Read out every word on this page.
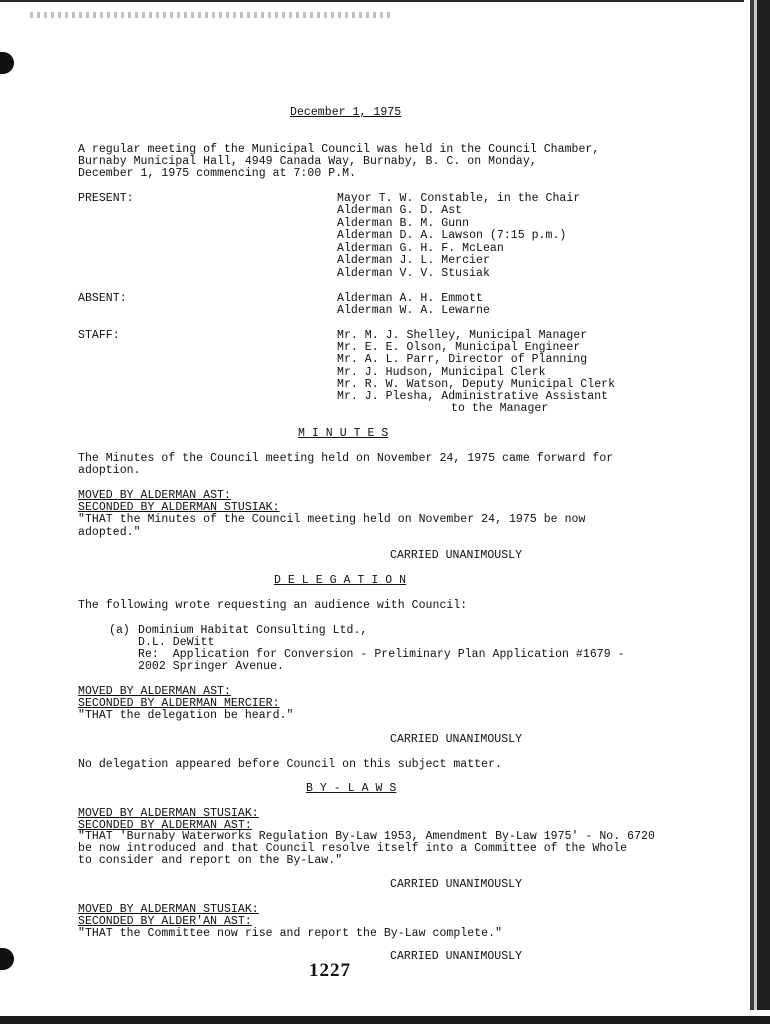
December 1, 1975
A regular meeting of the Municipal Council was held in the Council Chamber,
Burnaby Municipal Hall, 4949 Canada Way, Burnaby, B. C. on Monday,
December 1, 1975 commencing at 7:00 P.M.
PRESENT:	Mayor T. W. Constable, in the Chair
Alderman G. D. Ast
Alderman B. M. Gunn
Alderman D. A. Lawson (7:15 p.m.)
Alderman G. H. F. McLean
Alderman J. L. Mercier
Alderman V. V. Stusiak
ABSENT:	Alderman A. H. Emmott
Alderman W. A. Lewarne
STAFF:	Mr. M. J. Shelley, Municipal Manager
Mr. E. E. Olson, Municipal Engineer
Mr. A. L. Parr, Director of Planning
Mr. J. Hudson, Municipal Clerk
Mr. R. W. Watson, Deputy Municipal Clerk
Mr. J. Plesha, Administrative Assistant
to the Manager
M I N U T E S
The Minutes of the Council meeting held on November 24, 1975 came forward for
adoption.
MOVED BY ALDERMAN AST:
SECONDED BY ALDERMAN STUSIAK:
"THAT the Minutes of the Council meeting held on November 24, 1975 be now
adopted."
CARRIED UNANIMOUSLY
D E L E G A T I O N
The following wrote requesting an audience with Council:
(a) Dominium Habitat Consulting Ltd.,
D.L. DeWitt
Re:  Application for Conversion - Preliminary Plan Application #1679 -
2002 Springer Avenue.
MOVED BY ALDERMAN AST:
SECONDED BY ALDERMAN MERCIER:
"THAT the delegation be heard."
CARRIED UNANIMOUSLY
No delegation appeared before Council on this subject matter.
B Y - L A W S
MOVED BY ALDERMAN STUSIAK:
SECONDED BY ALDERMAN AST:
"THAT 'Burnaby Waterworks Regulation By-Law 1953, Amendment By-Law 1975' - No. 6720
be now introduced and that Council resolve itself into a Committee of the Whole
to consider and report on the By-Law."
CARRIED UNANIMOUSLY
MOVED BY ALDERMAN STUSIAK:
SECONDED BY ALDER'AN AST:
"THAT the Committee now rise and report the By-Law complete."
CARRIED UNANIMOUSLY
1227
